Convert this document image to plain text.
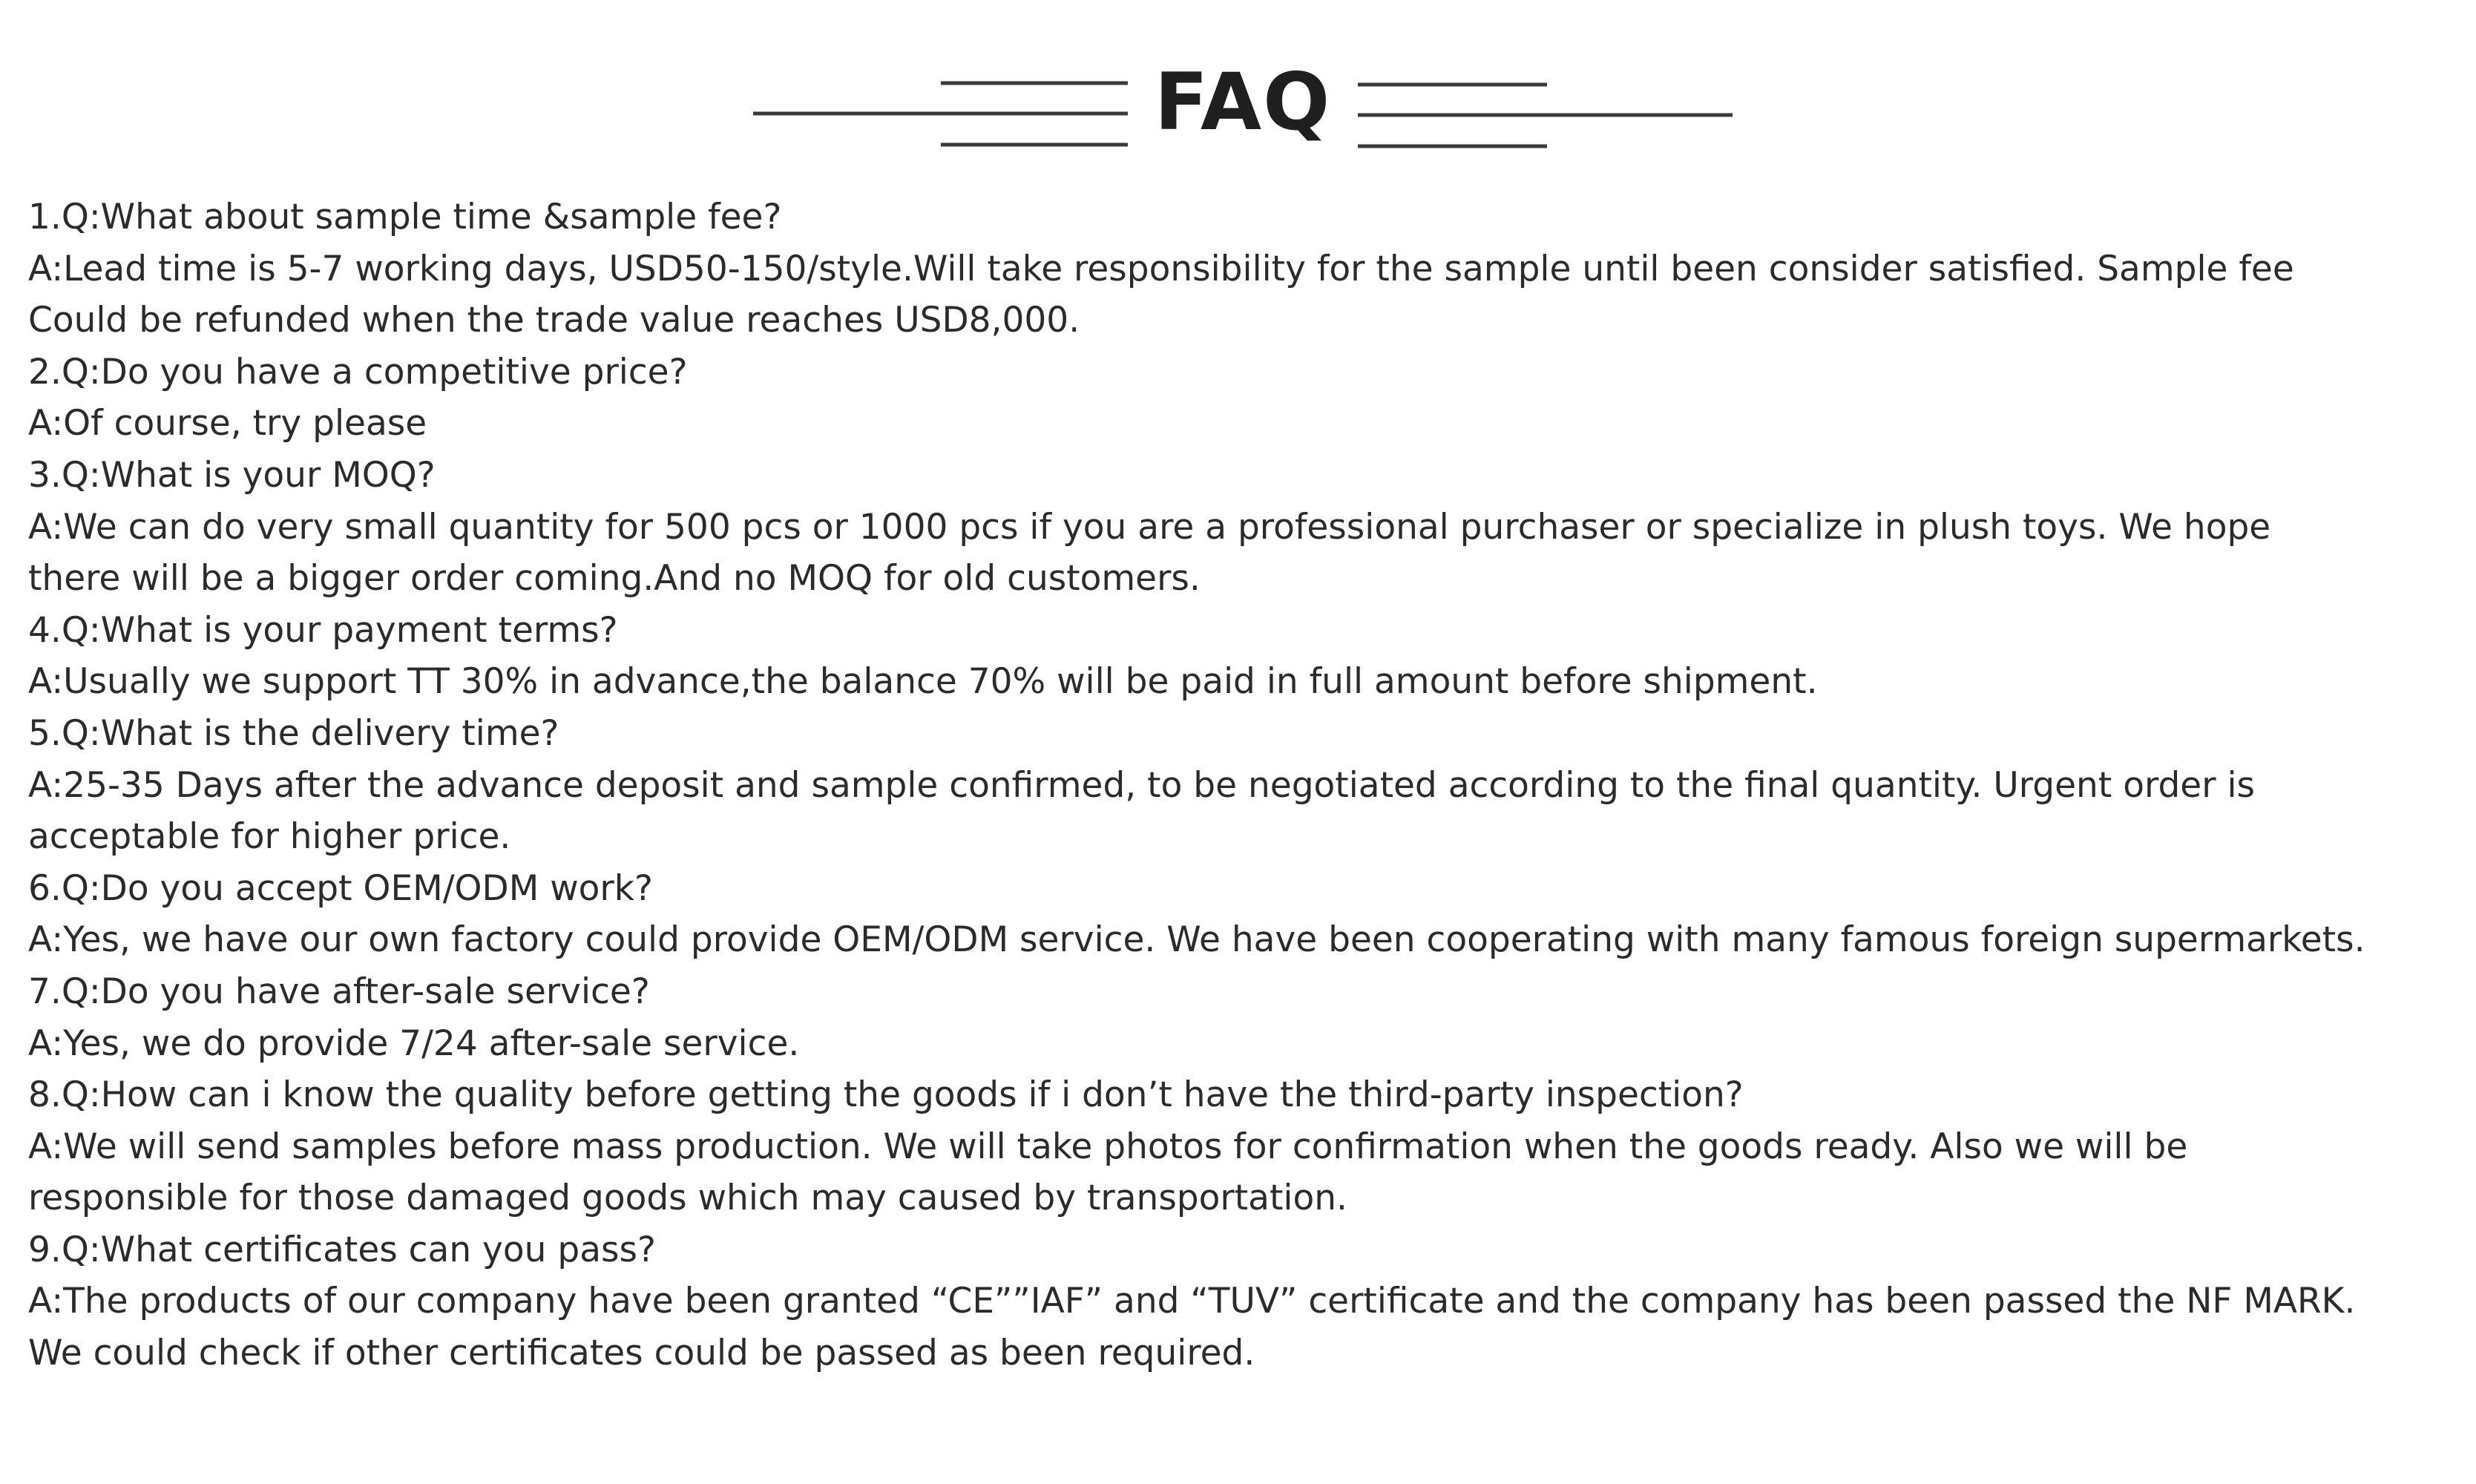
FAQ
1.Q:What about sample time &sample fee?
A:Lead time is 5-7 working days, USD50-150/style.Will take responsibility for the sample until been consider satisfied. Sample fee
Could be refunded when the trade value reaches USD8,000.
2.Q:Do you have a competitive price?
A:Of course, try please
3.Q:What is your MOQ?
A:We can do very small quantity for 500 pcs or 1000 pcs if you are a professional purchaser or specialize in plush toys. We hope
there will be a bigger order coming.And no MOQ for old customers.
4.Q:What is your payment terms?
A:Usually we support TT 30% in advance,the balance 70% will be paid in full amount before shipment.
5.Q:What is the delivery time?
A:25-35 Days after the advance deposit and sample confirmed, to be negotiated according to the final quantity. Urgent order is
acceptable for higher price.
6.Q:Do you accept OEM/ODM work?
A:Yes, we have our own factory could provide OEM/ODM service. We have been cooperating with many famous foreign supermarkets.
7.Q:Do you have after-sale service?
A:Yes, we do provide 7/24 after-sale service.
8.Q:How can i know the quality before getting the goods if i don’t have the third-party inspection?
A:We will send samples before mass production. We will take photos for confirmation when the goods ready. Also we will be
responsible for those damaged goods which may caused by transportation.
9.Q:What certificates can you pass?
A:The products of our company have been granted “CE””IAF” and “TUV” certificate and the company has been passed the NF MARK.
We could check if other certificates could be passed as been required.
